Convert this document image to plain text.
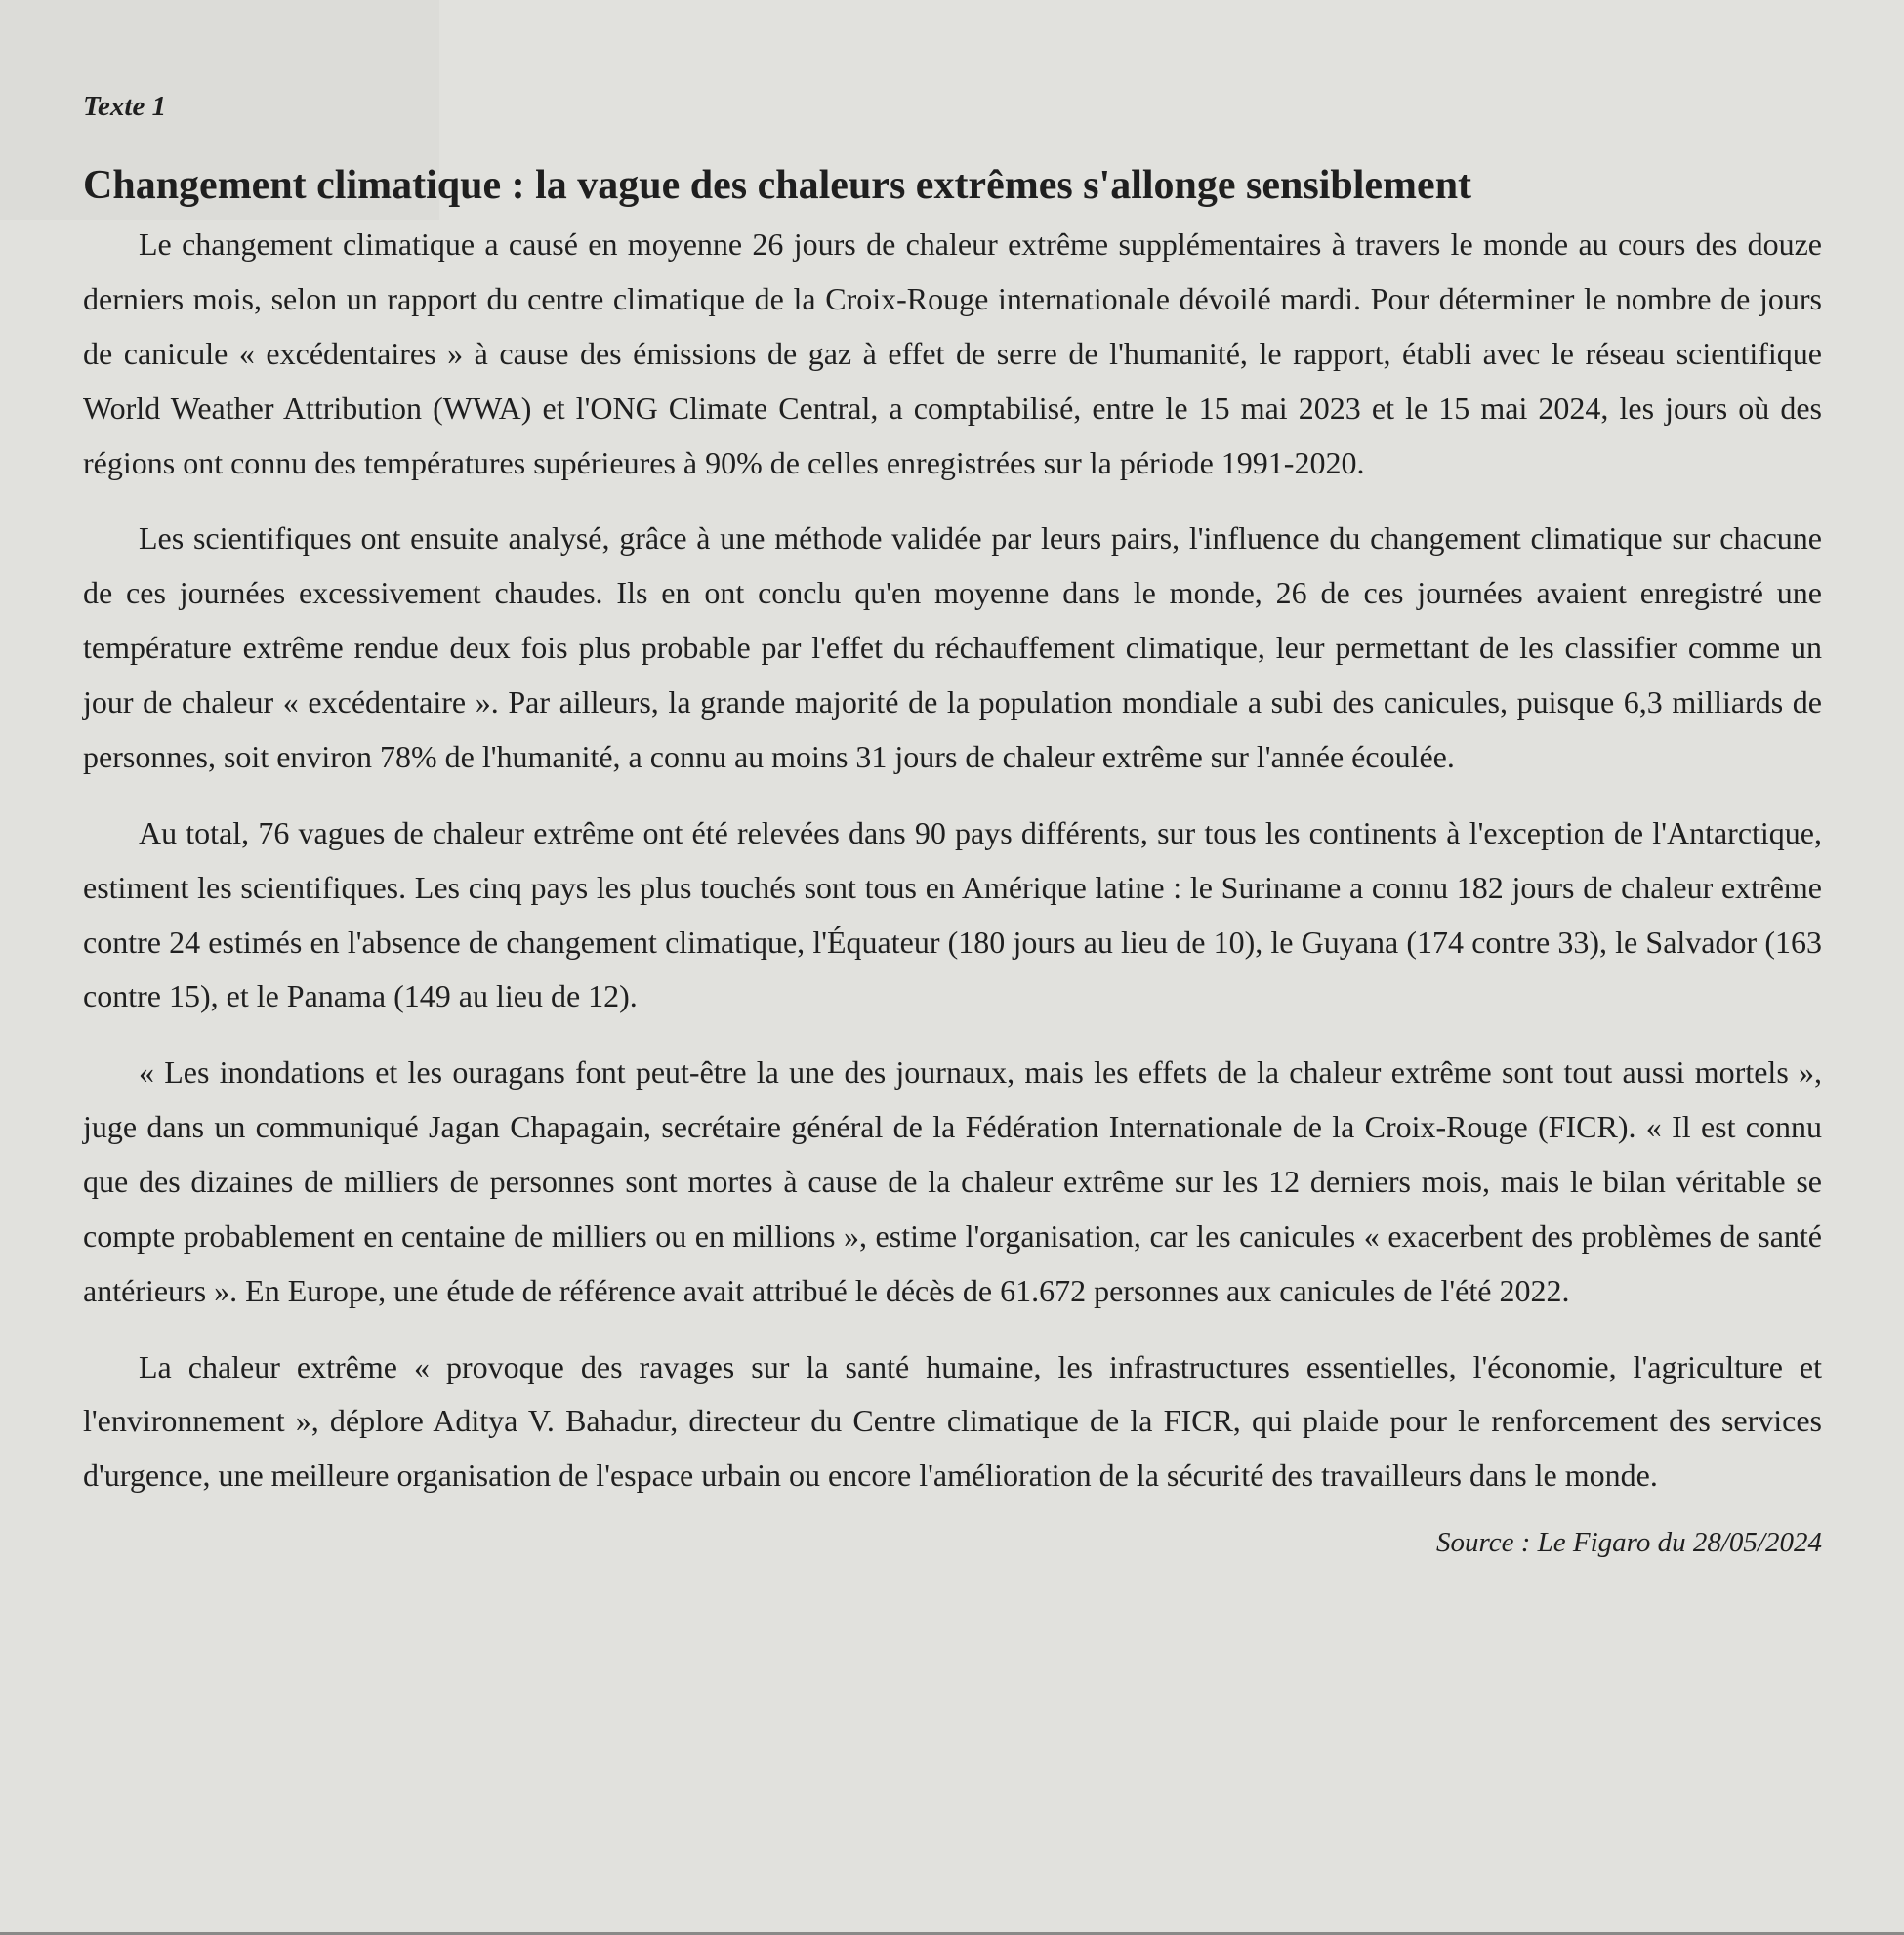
Texte 1
Changement climatique : la vague des chaleurs extrêmes s'allonge sensiblement

Le changement climatique a causé en moyenne 26 jours de chaleur extrême supplémentaires à travers le monde au cours des douze derniers mois, selon un rapport du centre climatique de la Croix-Rouge internationale dévoilé mardi. Pour déterminer le nombre de jours de canicule « excédentaires » à cause des émissions de gaz à effet de serre de l'humanité, le rapport, établi avec le réseau scientifique World Weather Attribution (WWA) et l'ONG Climate Central, a comptabilisé, entre le 15 mai 2023 et le 15 mai 2024, les jours où des régions ont connu des températures supérieures à 90% de celles enregistrées sur la période 1991-2020.

Les scientifiques ont ensuite analysé, grâce à une méthode validée par leurs pairs, l'influence du changement climatique sur chacune de ces journées excessivement chaudes. Ils en ont conclu qu'en moyenne dans le monde, 26 de ces journées avaient enregistré une température extrême rendue deux fois plus probable par l'effet du réchauffement climatique, leur permettant de les classifier comme un jour de chaleur « excédentaire ». Par ailleurs, la grande majorité de la population mondiale a subi des canicules, puisque 6,3 milliards de personnes, soit environ 78% de l'humanité, a connu au moins 31 jours de chaleur extrême sur l'année écoulée.

Au total, 76 vagues de chaleur extrême ont été relevées dans 90 pays différents, sur tous les continents à l'exception de l'Antarctique, estiment les scientifiques. Les cinq pays les plus touchés sont tous en Amérique latine : le Suriname a connu 182 jours de chaleur extrême contre 24 estimés en l'absence de changement climatique, l'Équateur (180 jours au lieu de 10), le Guyana (174 contre 33), le Salvador (163 contre 15), et le Panama (149 au lieu de 12).

« Les inondations et les ouragans font peut-être la une des journaux, mais les effets de la chaleur extrême sont tout aussi mortels », juge dans un communiqué Jagan Chapagain, secrétaire général de la Fédération Internationale de la Croix-Rouge (FICR). « Il est connu que des dizaines de milliers de personnes sont mortes à cause de la chaleur extrême sur les 12 derniers mois, mais le bilan véritable se compte probablement en centaine de milliers ou en millions », estime l'organisation, car les canicules « exacerbent des problèmes de santé antérieurs ». En Europe, une étude de référence avait attribué le décès de 61.672 personnes aux canicules de l'été 2022.

La chaleur extrême « provoque des ravages sur la santé humaine, les infrastructures essentielles, l'économie, l'agriculture et l'environnement », déplore Aditya V. Bahadur, directeur du Centre climatique de la FICR, qui plaide pour le renforcement des services d'urgence, une meilleure organisation de l'espace urbain ou encore l'amélioration de la sécurité des travailleurs dans le monde.

Source : Le Figaro du 28/05/2024
